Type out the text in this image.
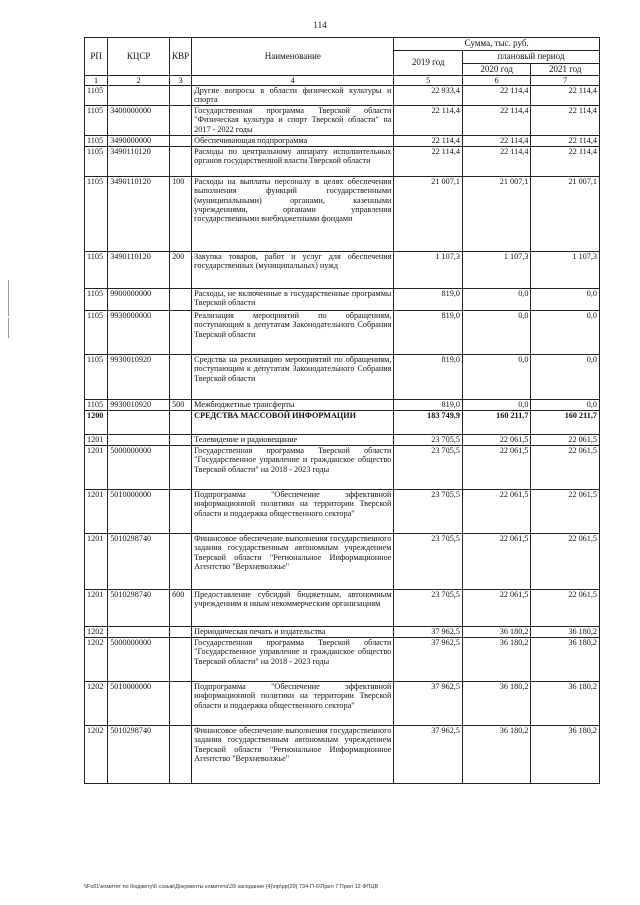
114
РП	КЦСР	КВР	Наименование	Сумма, тыс. руб.		
				2019 год	плановый период	
					2020 год	2021 год
1	2	3	4	5	6	7
1105			Другие вопросы в области физической культуры и спорта	22 933,4	22 114,4	22 114,4
1105	3400000000		Государственная программа Тверской области "Физическая культура и спорт Тверской области" на 2017 - 2022 годы	22 114,4	22 114,4	22 114,4
1105	3490000000		Обеспечивающая подпрограмма	22 114,4	22 114,4	22 114,4
1105	3490110120		Расходы по центральному аппарату исполнительных органов государственной власти Тверской области	22 114,4	22 114,4	22 114,4
1105	3490110120	100	Расходы на выплаты персоналу в целях обеспечения выполнения функций государственными (муниципальными) органами, казенными учреждениями, органами управления государственными внебюджетными фондами	21 007,1	21 007,1	21 007,1
1105	3490110120	200	Закупка товаров, работ и услуг для обеспечения государственных (муниципальных) нужд	1 107,3	1 107,3	1 107,3
1105	9900000000		Расходы, не включенные в государственные программы Тверской области	819,0	0,0	0,0
1105	9930000000		Реализация мероприятий по обращениям, поступающим к депутатам Законодательного Собрания Тверской области	819,0	0,0	0,0
1105	9930010920		Средства на реализацию мероприятий по обращениям, поступающим к депутатам Законодательного Собрания Тверской области	819,0	0,0	0,0
1105	9930010920	500	Межбюджетные трансферты	819,0	0,0	0,0
1200			СРЕДСТВА МАССОВОЙ ИНФОРМАЦИИ	183 749,9	160 211,7	160 211,7
1201			Телевидение и радиовещание	23 705,5	22 061,5	22 061,5
1201	5000000000		Государственная программа Тверской области "Государственное управление и гражданское общество Тверской области" на 2018 - 2023 годы	23 705,5	22 061,5	22 061,5
1201	5010000000		Подпрограмма "Обеспечение эффективной информационной политики на территории Тверской области и поддержка общественного сектора"	23 705,5	22 061,5	22 061,5
1201	5010298740		Финансовое обеспечение выполнения государственного задания государственным автономным учреждением Тверской области "Региональное Информационное Агентство "Верхневолжье"	23 705,5	22 061,5	22 061,5
1201	5010298740	600	Предоставление субсидий бюджетным, автономным учреждениям и иным некоммерческим организациям	23 705,5	22 061,5	22 061,5
1202			Периодическая печать и издательства	37 962,5	36 180,2	36 180,2
1202	5000000000		Государственная программа Тверской области "Государственное управление и гражданское общество Тверской области" на 2018 - 2023 годы	37 962,5	36 180,2	36 180,2
1202	5010000000		Подпрограмма "Обеспечение эффективной информационной политики на территории Тверской области и поддержка общественного сектора"	37 962,5	36 180,2	36 180,2
1202	5010298740		Финансовое обеспечение выполнения государственного задания государственным автономным учреждением Тверской области "Региональное Информационное Агентство "Верхневолжье"	37 962,5	36 180,2	36 180,2
\\Fs01\комитет по бюджету\6 созыв\Документы комитета\39 заседание (4)\пр\рр(39) 734-П-6\Прил 7 Прил 12 ФПЦВ
